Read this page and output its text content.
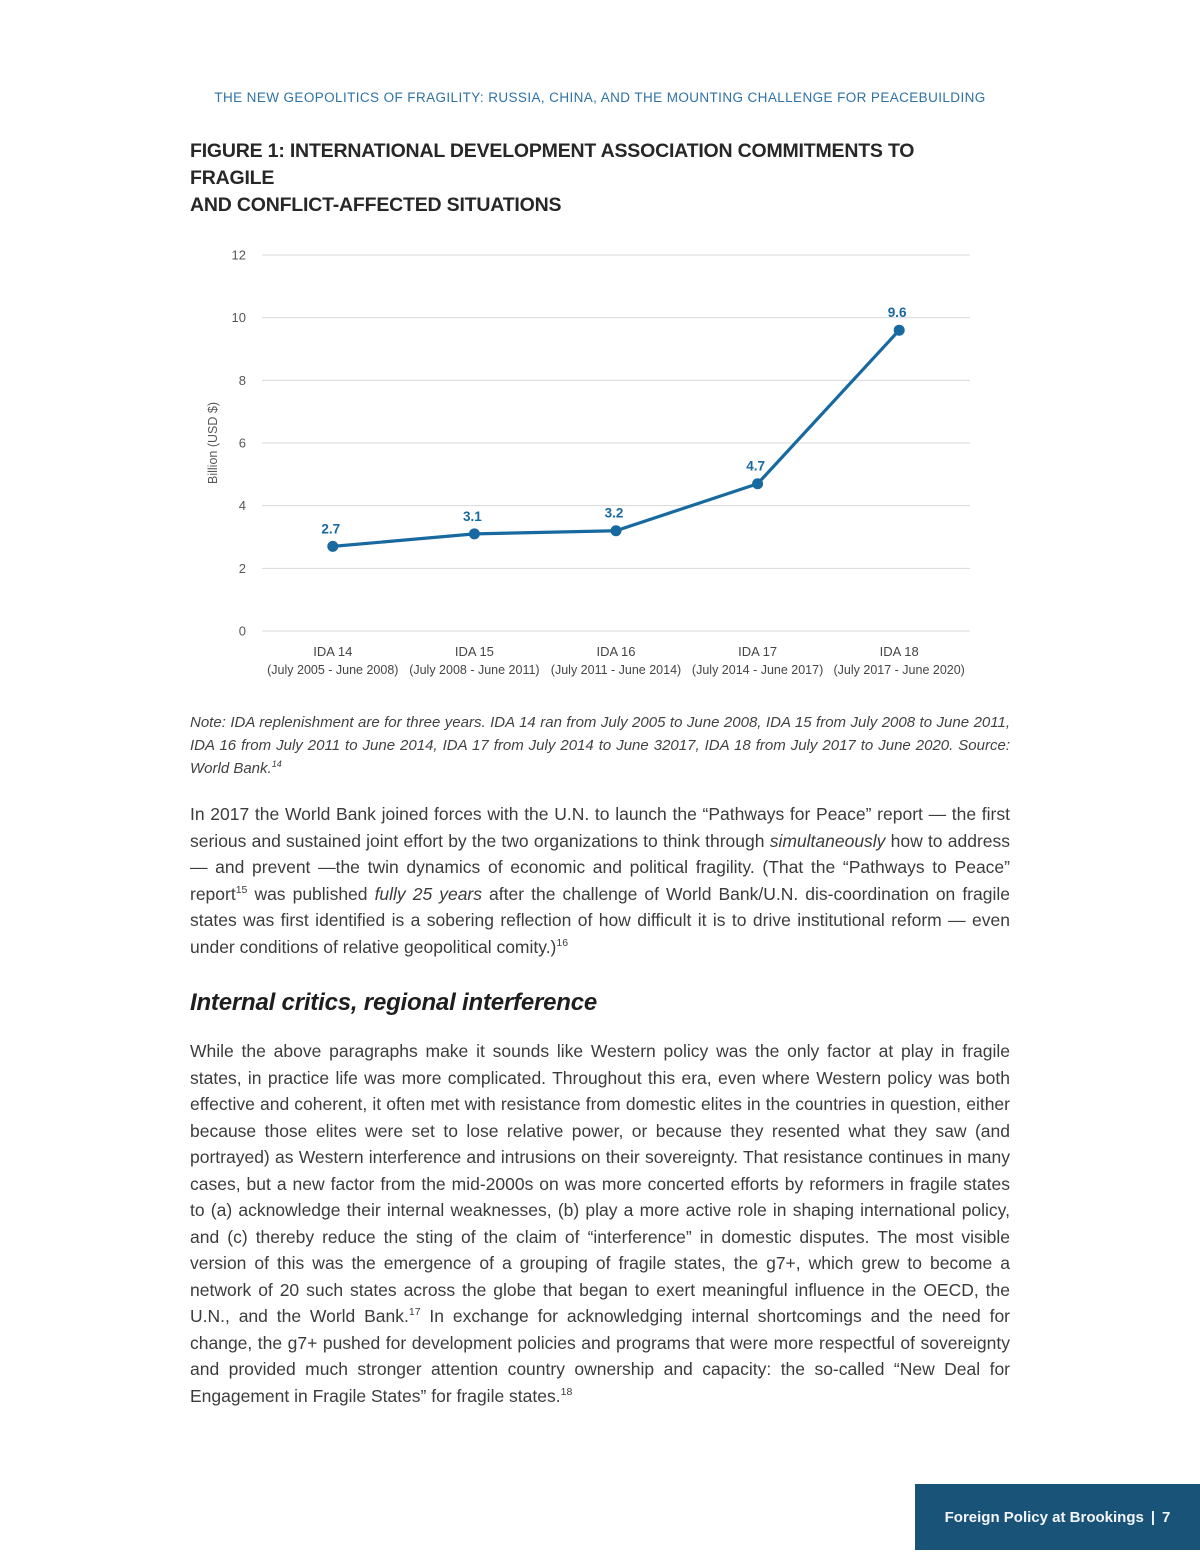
THE NEW GEOPOLITICS OF FRAGILITY: RUSSIA, CHINA, AND THE MOUNTING CHALLENGE FOR PEACEBUILDING
FIGURE 1: INTERNATIONAL DEVELOPMENT ASSOCIATION COMMITMENTS TO FRAGILE
AND CONFLICT-AFFECTED SITUATIONS
0
2
4
6
8
10
12
Billion (USD $)
2.7
IDA 14
(July 2005 - June 2008)
3.1
IDA 15
(July 2008 - June 2011)
3.2
IDA 16
(July 2011 - June 2014)
4.7
IDA 17
(July 2014 - June 2017)
9.6
IDA 18
(July 2017 - June 2020)
Note: IDA replenishment are for three years. IDA 14 ran from July 2005 to June 2008, IDA 15 from July 2008 to June 2011, IDA 16 from July 2011 to June 2014, IDA 17 from July 2014 to June 32017, IDA 18 from July 2017 to June 2020. Source: World Bank.$^{14}$

In 2017 the World Bank joined forces with the U.N. to launch the “Pathways for Peace” report — the first serious and sustained joint effort by the two organizations to think through simultaneously how to address — and prevent —the twin dynamics of economic and political fragility. (That the “Pathways to Peace” report$^{15}$ was published fully 25 years after the challenge of World Bank/U.N. dis-coordination on fragile states was first identified is a sobering reflection of how difficult it is to drive institutional reform — even under conditions of relative geopolitical comity.)$^{16}$

Internal critics, regional interference

While the above paragraphs make it sounds like Western policy was the only factor at play in fragile states, in practice life was more complicated. Throughout this era, even where Western policy was both effective and coherent, it often met with resistance from domestic elites in the countries in question, either because those elites were set to lose relative power, or because they resented what they saw (and portrayed) as Western interference and intrusions on their sovereignty. That resistance continues in many cases, but a new factor from the mid-2000s on was more concerted efforts by reformers in fragile states to (a) acknowledge their internal weaknesses, (b) play a more active role in shaping international policy, and (c) thereby reduce the sting of the claim of “interference” in domestic disputes. The most visible version of this was the emergence of a grouping of fragile states, the g7+, which grew to become a network of 20 such states across the globe that began to exert meaningful influence in the OECD, the U.N., and the World Bank.$^{17}$ In exchange for acknowledging internal shortcomings and the need for change, the g7+ pushed for development policies and programs that were more respectful of sovereignty and provided much stronger attention country ownership and capacity: the so-called “New Deal for Engagement in Fragile States” for fragile states.$^{18}$

Foreign Policy at Brookings | 7
